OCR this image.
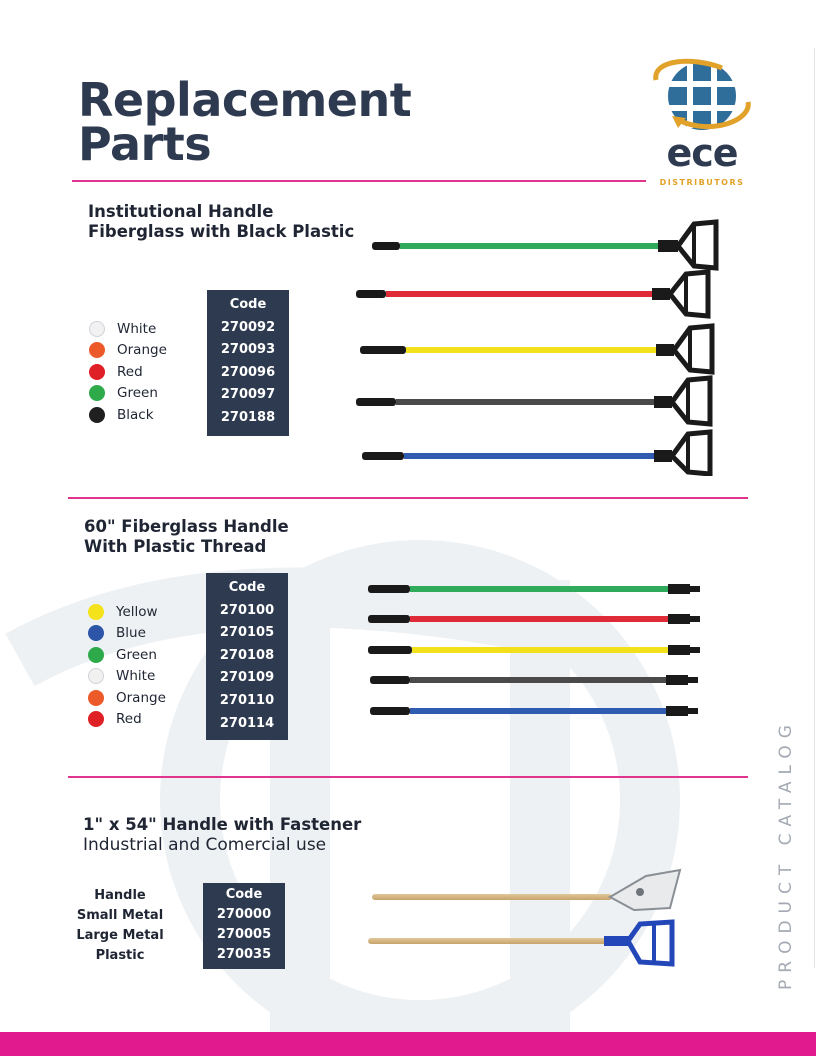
Replacement
Parts	ece
DISTRIBUTORS
Institutional Handle
Fiberglass with Black Plastic
White
Orange
Red
Green
Black
Code
270092
270093
270096
270097
270188
60" Fiberglass Handle
With Plastic Thread
Yellow
Blue
Green
White
Orange
Red
Code
270100
270105
270108
270109
270110
270114
1" x 54" Handle with Fastener
Industrial and Comercial use
Handle
Small Metal
Large Metal
Plastic
Code
270000
270005
270035	PRODUCT CATALOG
